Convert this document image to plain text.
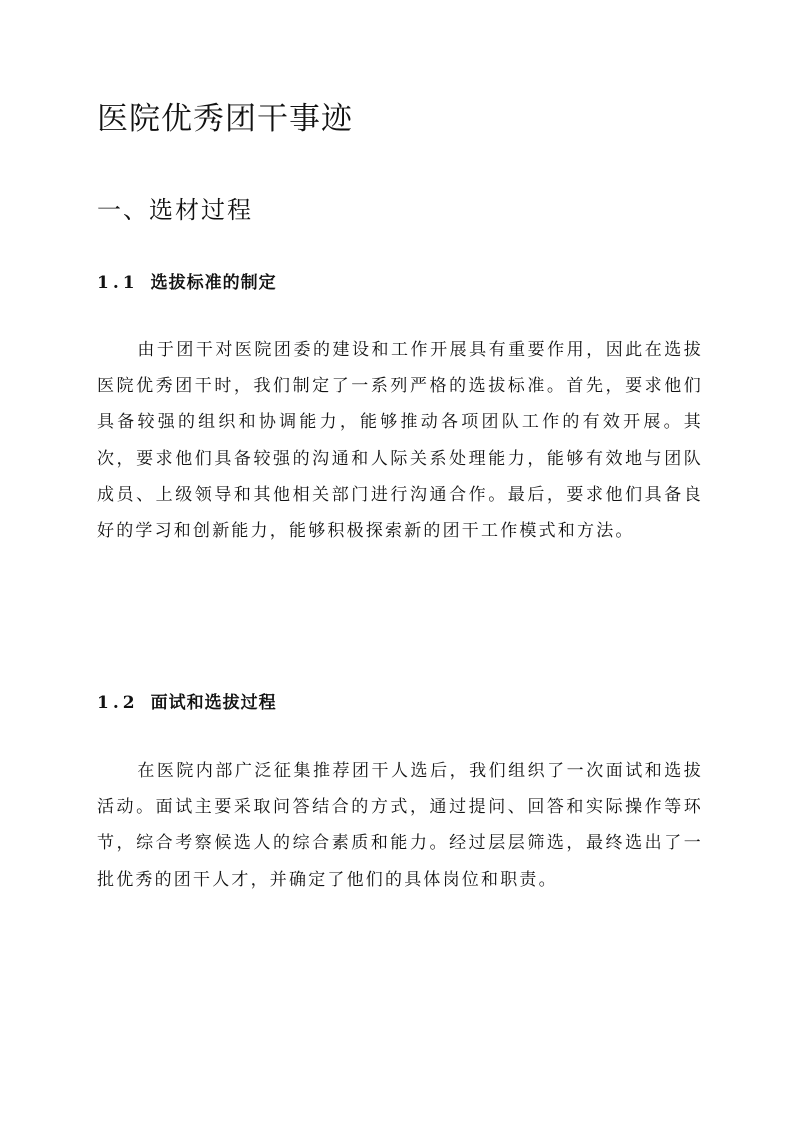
医院优秀团干事迹
一、选材过程
1.1 选拔标准的制定

由于团干对医院团委的建设和工作开展具有重要作用，因此在选拔医院优秀团干时，我们制定了一系列严格的选拔标准。首先，要求他们具备较强的组织和协调能力，能够推动各项团队工作的有效开展。其次，要求他们具备较强的沟通和人际关系处理能力，能够有效地与团队成员、上级领导和其他相关部门进行沟通合作。最后，要求他们具备良好的学习和创新能力，能够积极探索新的团干工作模式和方法。

1.2 面试和选拔过程

在医院内部广泛征集推荐团干人选后，我们组织了一次面试和选拔活动。面试主要采取问答结合的方式，通过提问、回答和实际操作等环节，综合考察候选人的综合素质和能力。经过层层筛选，最终选出了一批优秀的团干人才，并确定了他们的具体岗位和职责。
